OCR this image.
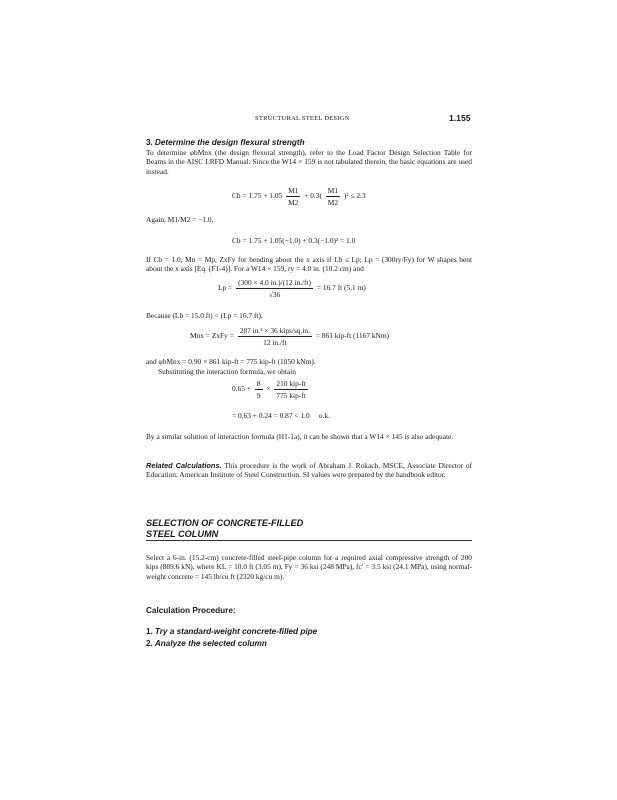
STRUCTURAL STEEL DESIGN	1.155
3. Determine the design flexural strength
To determine φbMnx (the design flexural strength), refer to the Load Factor Design Selection Table for Beams in the AISC LRFD Manual. Since the W14 × 159 is not tabulated therein, the basic equations are used instead.
$Cb = 1.75 + 1.05 \frac{M1}{M2} + 0.3( \frac{M1}{M2} )^2 \le 2.3$
Again, M1/M2 = −1.0.
Cb = 1.75 + 1.05(−1.0) + 0.3(−1.0)² = 1.0
If Cb = 1.0, Mn = Mp, ZxFy for bending about the x axis if Lb ≤ Lp; Lp = (300ry/Fy) for W shapes bent about the x axis [Eq. (F1-4)]. For a W14 × 159, ry = 4.0 in. (10.2 cm) and
$Lp = \frac{(300 \times 4.0 in.)/(12 in./ft)}{√36} = 16.7$ ft (5.1 m)
Because (Lb = 15.0 ft) < (Lp = 16.7 ft),
Mnx = ZxFy = $\frac{\text{287 in.³ × 36 kips/sq.in.}}{12 in./ft} = 861$ kip-ft (1167 kNm)
and φbMnx = 0.90 × 861 kip-ft = 775 kip-ft (1050 kNm).
Substituting the interaction formula, we obtain
$0.65 + \frac{8}{9} \times \frac{\text{210 kip-ft}}{\text{775 kip-ft}}$
= 0.63 + 0.24 = 0.87 < 1.0     o.k.
By a similar solution of interaction formula (H1-1a), it can be shown that a W14 × 145 is also adequate.
Related Calculations. This procedure is the work of Abraham J. Rokach, MSCE, Associate Director of Education, American Institute of Steel Construction. SI values were prepared by the handbook editor.
SELECTION OF CONCRETE-FILLED
STEEL COLUMN
Select a 6-in. (15.2-cm) concrete-filled steel-pipe column for a required axial compressive strength of 200 kips (889.6 kN), where KL = 10.0 ft (3.05 m), Fy = 36 ksi (248 MPa), fc′ = 3.5 ksi (24.1 MPa), using normal-weight concrete = 145 lb/cu ft (2320 kg/cu m).
Calculation Procedure:
1. Try a standard-weight concrete-filled pipe
2. Analyze the selected column
